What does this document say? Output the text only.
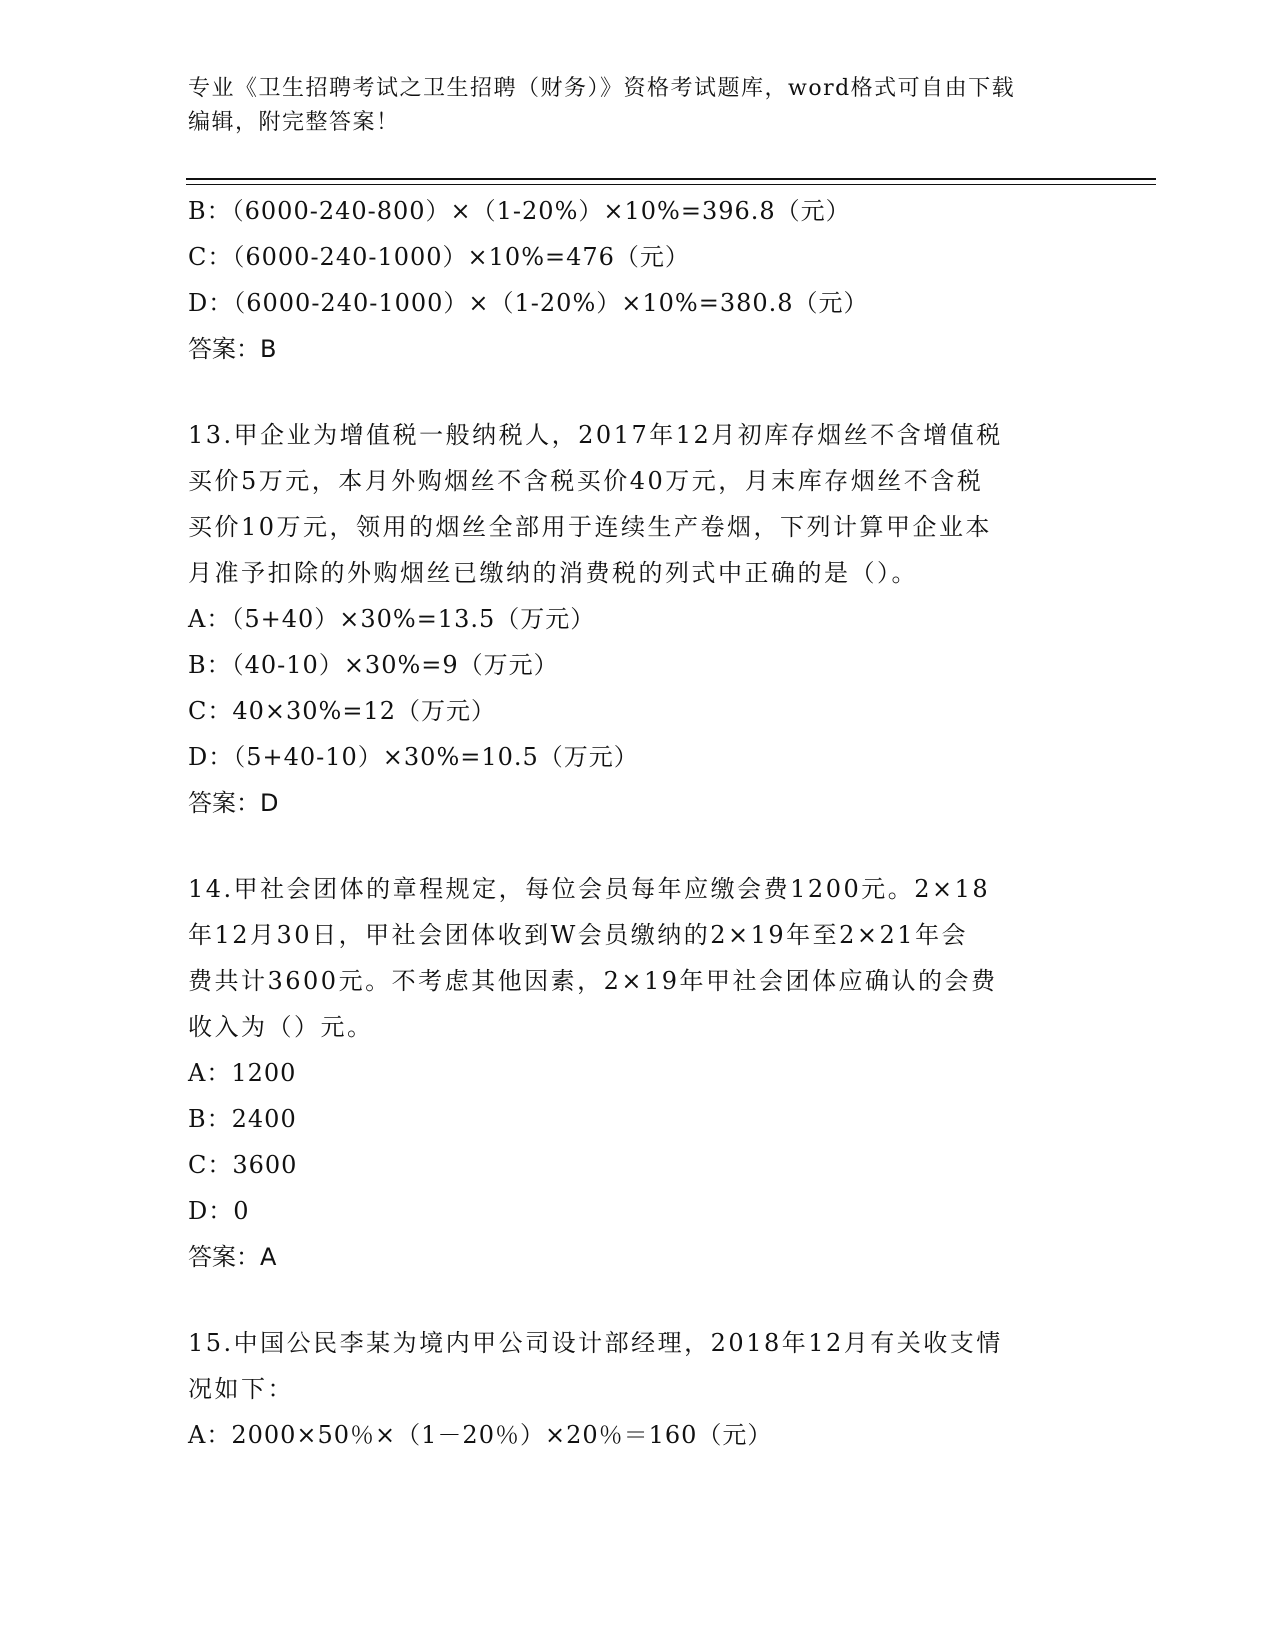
专业《卫生招聘考试之卫生招聘（财务）》资格考试题库，word格式可自由下载
编辑，附完整答案！
B：（6000-240-800）×（1-20%）×10%=396.8（元）
C：（6000-240-1000）×10%=476（元）
D：（6000-240-1000）×（1-20%）×10%=380.8（元）
答案：B
13.甲企业为增值税一般纳税人，2017年12月初库存烟丝不含增值税
买价5万元，本月外购烟丝不含税买价40万元，月末库存烟丝不含税
买价10万元，领用的烟丝全部用于连续生产卷烟，下列计算甲企业本
月准予扣除的外购烟丝已缴纳的消费税的列式中正确的是（）。
A：（5+40）×30%=13.5（万元）
B：（40-10）×30%=9（万元）
C：40×30%=12（万元）
D：（5+40-10）×30%=10.5（万元）
答案：D
14.甲社会团体的章程规定，每位会员每年应缴会费1200元。2×18
年12月30日，甲社会团体收到W会员缴纳的2×19年至2×21年会
费共计3600元。不考虑其他因素，2×19年甲社会团体应确认的会费
收入为（）元。
A：1200
B：2400
C：3600
D：0
答案：A
15.中国公民李某为境内甲公司设计部经理，2018年12月有关收支情
况如下：
A：2000×50％×（1－20％）×20％＝160（元）
